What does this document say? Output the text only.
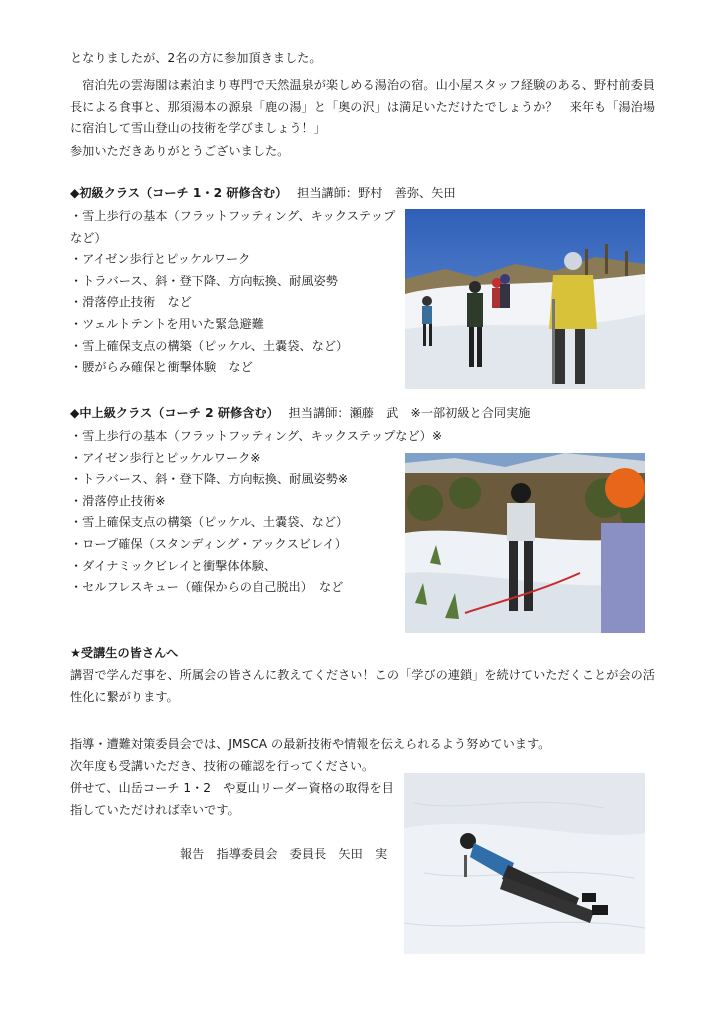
となりましたが、2名の方に参加頂きました。
　宿泊先の雲海閣は素泊まり専門で天然温泉が楽しめる湯治の宿。山小屋スタッフ経験のある、野村前委員長による食事と、那須湯本の源泉「鹿の湯」と「奥の沢」は満足いただけたでしょうか？　来年も「湯治場に宿泊して雪山登山の技術を学びましょう！」
参加いただきありがとうございました。
◆初級クラス（コーチ 1・2 研修含む） 担当講師：野村　善弥、矢田
・雪上歩行の基本（フラットフッティング、キックステップなど）
・アイゼン歩行とピッケルワーク
・トラバース、斜・登下降、方向転換、耐風姿勢
・滑落停止技術　など
・ツェルトテントを用いた緊急避難
・雪上確保支点の構築（ピッケル、土嚢袋、など）
・腰がらみ確保と衝撃体験　など
◆中上級クラス（コーチ 2 研修含む） 担当講師：瀬藤　武　※一部初級と合同実施
・雪上歩行の基本（フラットフッティング、キックステップなど）※
・アイゼン歩行とピッケルワーク※
・トラバース、斜・登下降、方向転換、耐風姿勢※
・滑落停止技術※
・雪上確保支点の構築（ピッケル、土嚢袋、など）
・ロープ確保（スタンディング・アックスビレイ）
・ダイナミックビレイと衝撃体体験、
・セルフレスキュー（確保からの自己脱出）　など
★受講生の皆さんへ
講習で学んだ事を、所属会の皆さんに教えてください！この「学びの連鎖」を続けていただくことが会の活性化に繋がります。
指導・遭難対策委員会では、JMSCA の最新技術や情報を伝えられるよう努めています。
次年度も受講いただき、技術の確認を行ってください。
併せて、山岳コーチ 1・2　や夏山リーダー資格の取得を目
指していただければ幸いです。
報告　指導委員会　委員長　矢田　実
